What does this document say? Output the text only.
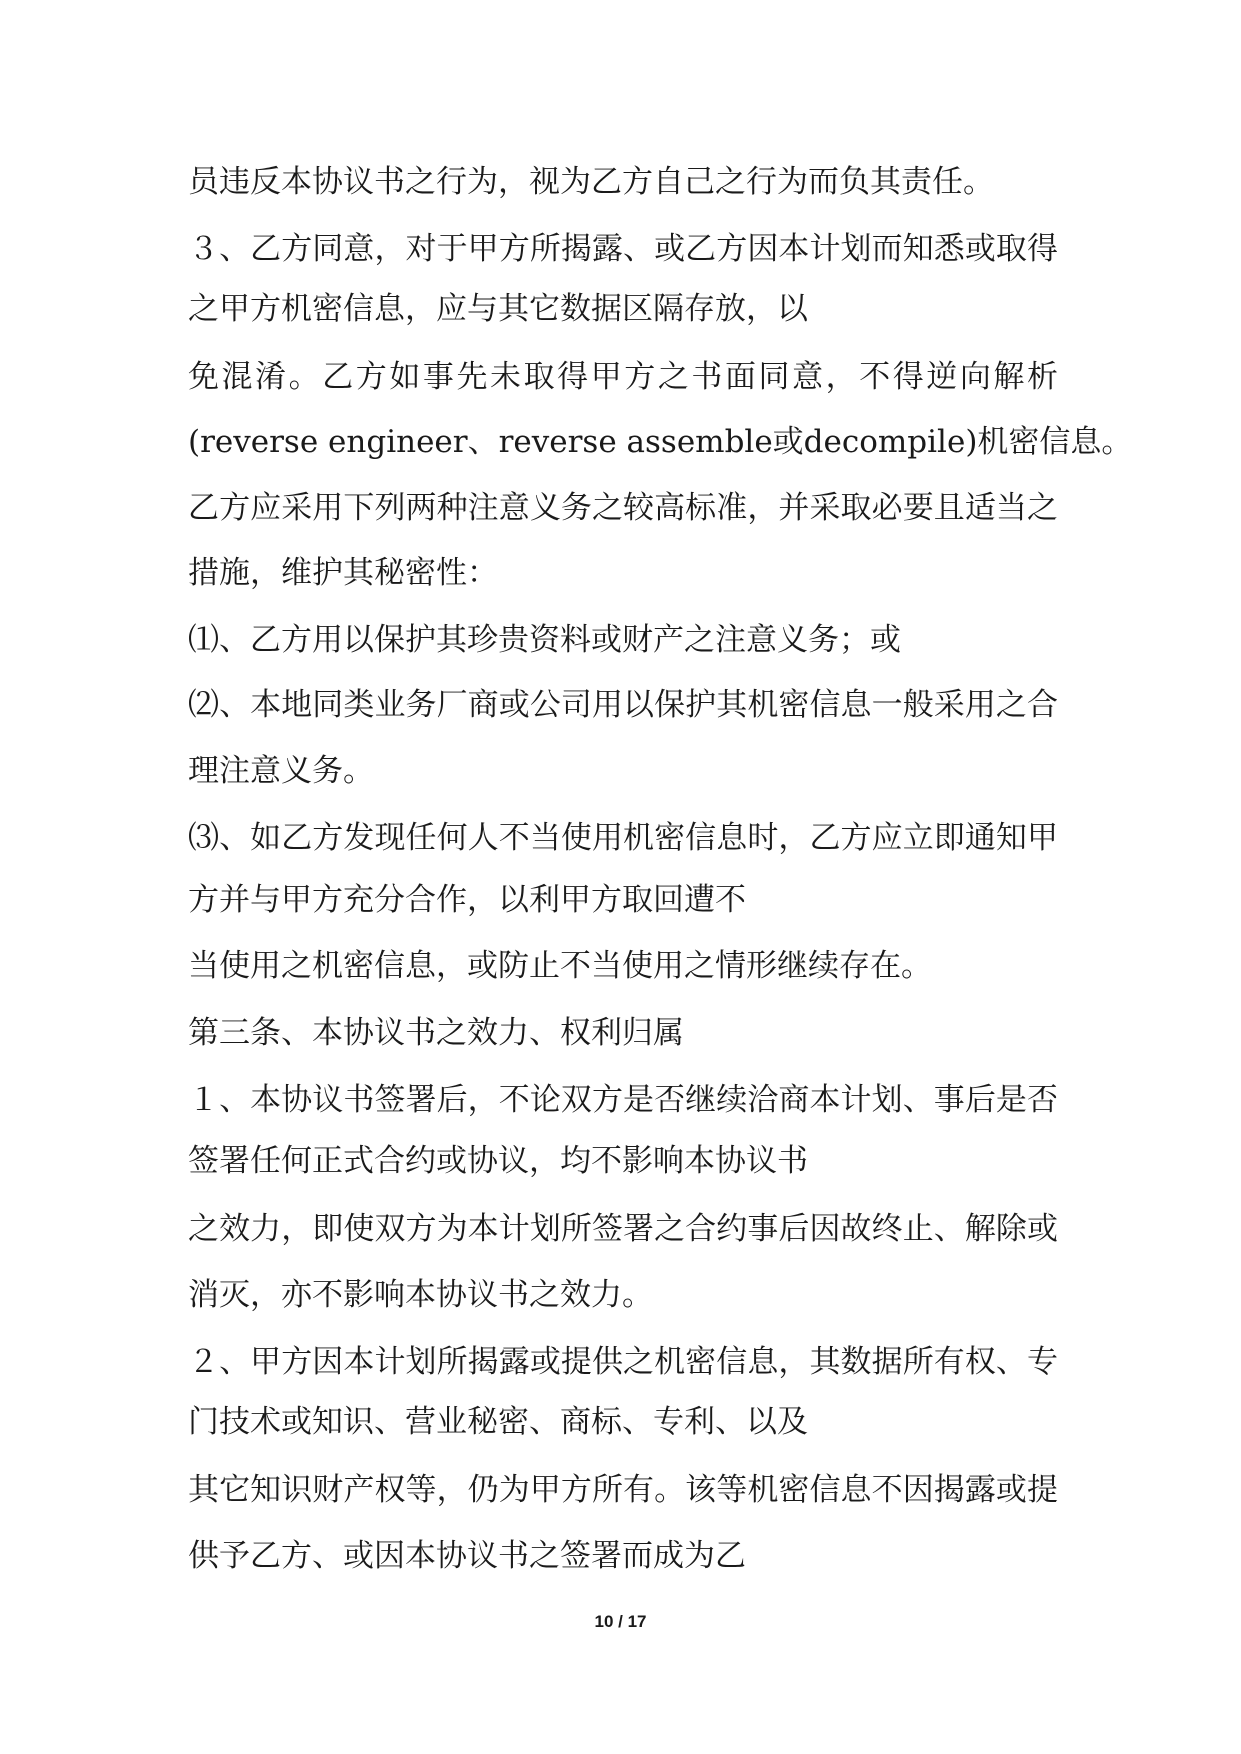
员违反本协议书之行为，视为乙方自己之行为而负其责任。
３、乙方同意，对于甲方所揭露、或乙方因本计划而知悉或取得
之甲方机密信息，应与其它数据区隔存放，以
免混淆。乙方如事先未取得甲方之书面同意，不得逆向解析
(reverse engineer、reverse assemble或decompile)机密信息。
乙方应采用下列两种注意义务之较高标准，并采取必要且适当之
措施，维护其秘密性：
⑴、乙方用以保护其珍贵资料或财产之注意义务；或
⑵、本地同类业务厂商或公司用以保护其机密信息一般采用之合
理注意义务。
⑶、如乙方发现任何人不当使用机密信息时，乙方应立即通知甲
方并与甲方充分合作，以利甲方取回遭不
当使用之机密信息，或防止不当使用之情形继续存在。
第三条、本协议书之效力、权利归属
１、本协议书签署后，不论双方是否继续洽商本计划、事后是否
签署任何正式合约或协议，均不影响本协议书
之效力，即使双方为本计划所签署之合约事后因故终止、解除或
消灭，亦不影响本协议书之效力。
２、甲方因本计划所揭露或提供之机密信息，其数据所有权、专
门技术或知识、营业秘密、商标、专利、以及
其它知识财产权等，仍为甲方所有。该等机密信息不因揭露或提
供予乙方、或因本协议书之签署而成为乙
10 / 17
